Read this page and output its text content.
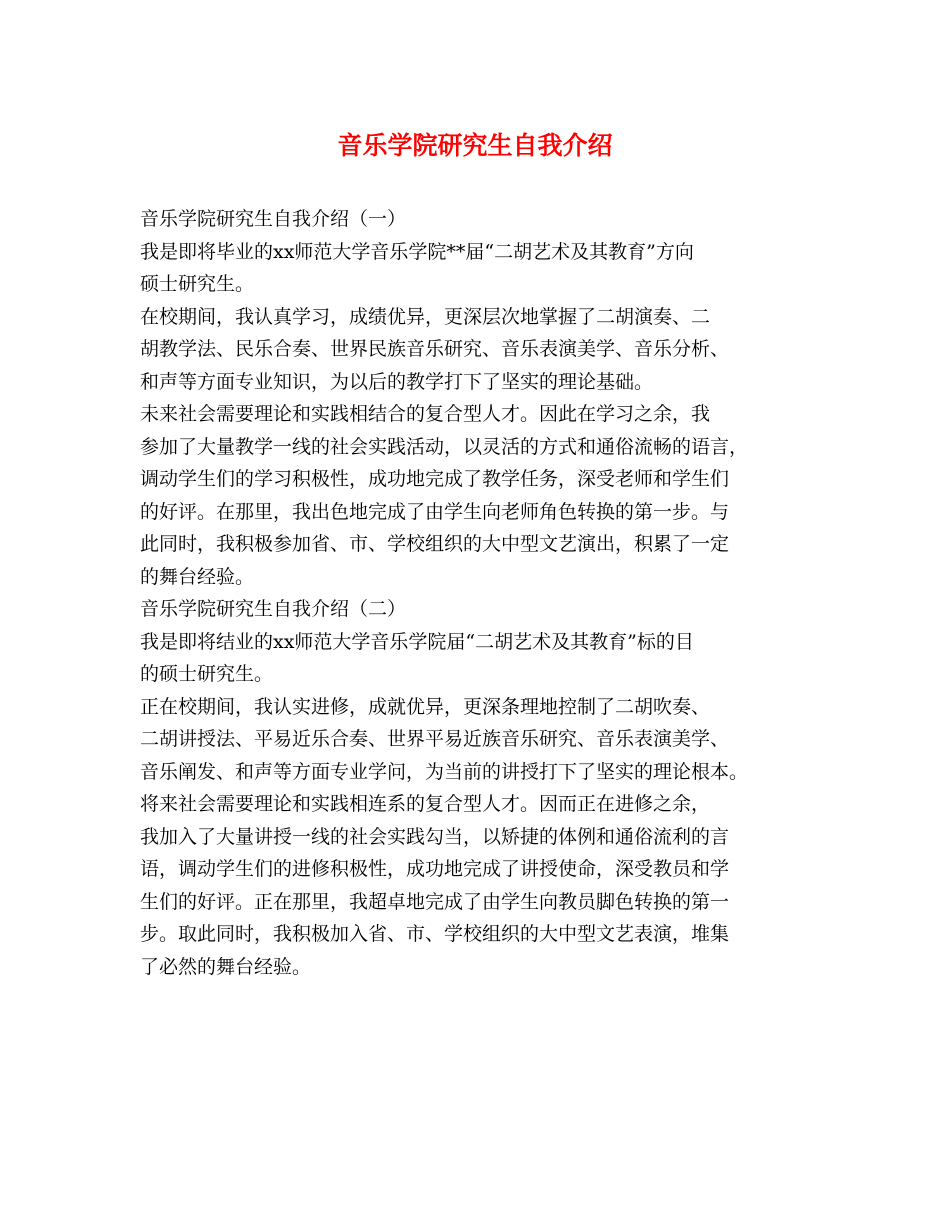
音乐学院研究生自我介绍
音乐学院研究生自我介绍（一）
我是即将毕业的xx师范大学音乐学院**届“二胡艺术及其教育”方向
硕士研究生。
在校期间，我认真学习，成绩优异，更深层次地掌握了二胡演奏、二
胡教学法、民乐合奏、世界民族音乐研究、音乐表演美学、音乐分析、
和声等方面专业知识，为以后的教学打下了坚实的理论基础。
未来社会需要理论和实践相结合的复合型人才。因此在学习之余，我
参加了大量教学一线的社会实践活动，以灵活的方式和通俗流畅的语言，
调动学生们的学习积极性，成功地完成了教学任务，深受老师和学生们
的好评。在那里，我出色地完成了由学生向老师角色转换的第一步。与
此同时，我积极参加省、市、学校组织的大中型文艺演出，积累了一定
的舞台经验。
音乐学院研究生自我介绍（二）
我是即将结业的xx师范大学音乐学院届“二胡艺术及其教育”标的目
的硕士研究生。
正在校期间，我认实进修，成就优异，更深条理地控制了二胡吹奏、
二胡讲授法、平易近乐合奏、世界平易近族音乐研究、音乐表演美学、
音乐阐发、和声等方面专业学问，为当前的讲授打下了坚实的理论根本。
将来社会需要理论和实践相连系的复合型人才。因而正在进修之余，
我加入了大量讲授一线的社会实践勾当，以矫捷的体例和通俗流利的言
语，调动学生们的进修积极性，成功地完成了讲授使命，深受教员和学
生们的好评。正在那里，我超卓地完成了由学生向教员脚色转换的第一
步。取此同时，我积极加入省、市、学校组织的大中型文艺表演，堆集
了必然的舞台经验。
